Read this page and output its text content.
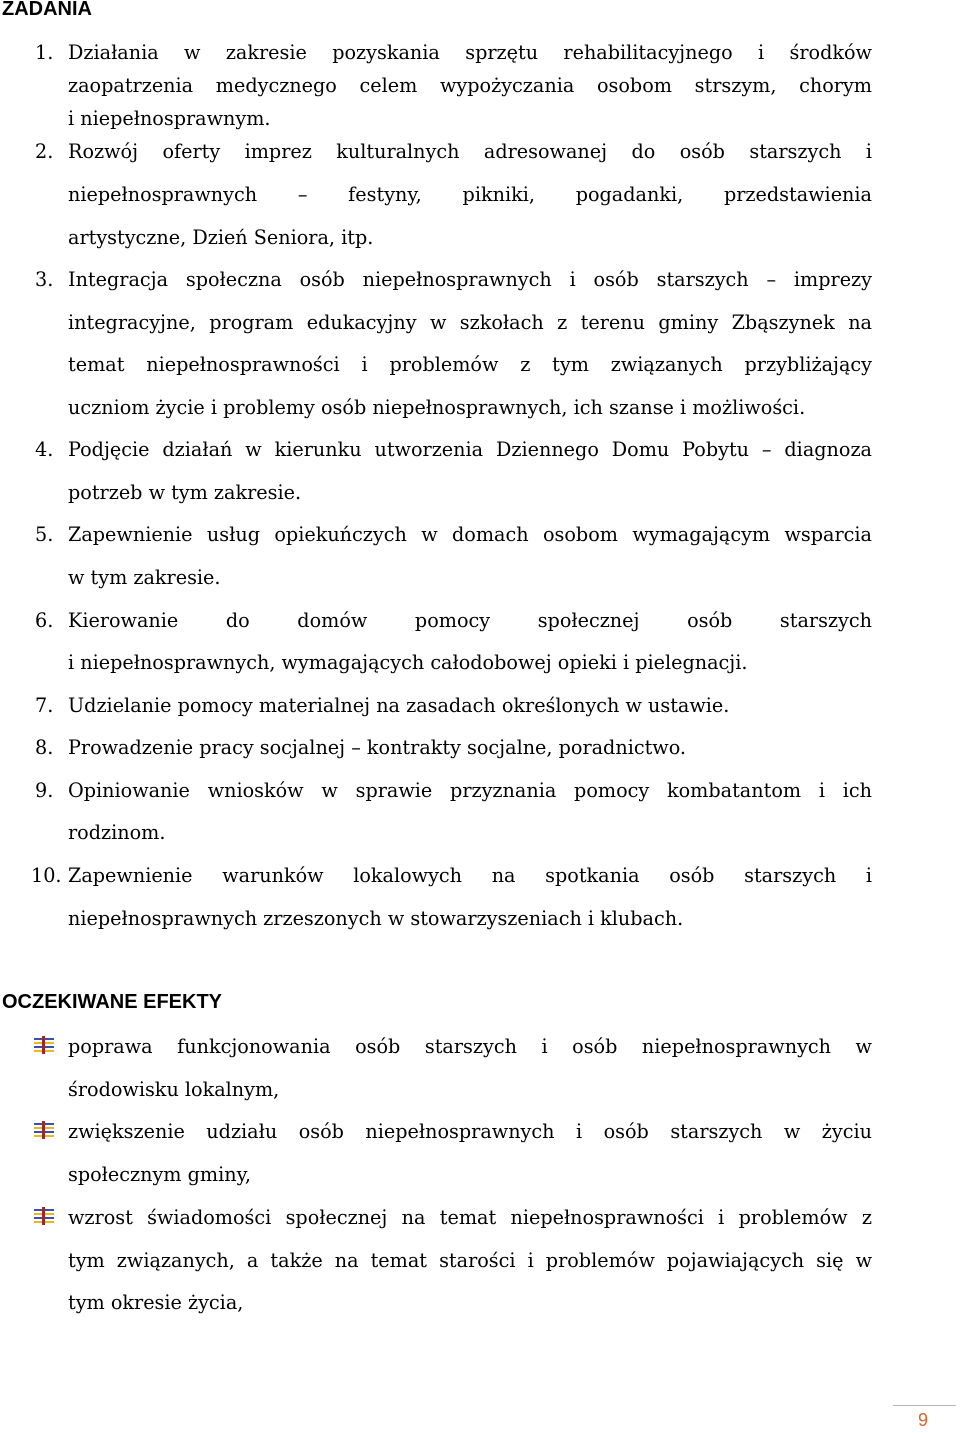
ZADANIA
1. Działania w zakresie pozyskania sprzętu rehabilitacyjnego i środków
zaopatrzenia medycznego celem wypożyczania osobom strszym, chorym
i niepełnosprawnym.
2. Rozwój oferty imprez kulturalnych adresowanej do osób starszych i
niepełnosprawnych – festyny, pikniki, pogadanki, przedstawienia
artystyczne, Dzień Seniora, itp.
3. Integracja społeczna osób niepełnosprawnych i osób starszych – imprezy
integracyjne, program edukacyjny w szkołach z terenu gminy Zbąszynek na
temat niepełnosprawności i problemów z tym związanych przybliżający
uczniom życie i problemy osób niepełnosprawnych, ich szanse i możliwości.
4. Podjęcie działań w kierunku utworzenia Dziennego Domu Pobytu – diagnoza
potrzeb w tym zakresie.
5. Zapewnienie usług opiekuńczych w domach osobom wymagającym wsparcia
w tym zakresie.
6. Kierowanie do domów pomocy społecznej osób starszych
i niepełnosprawnych, wymagających całodobowej opieki i pielegnacji.
7. Udzielanie pomocy materialnej na zasadach określonych w ustawie.
8. Prowadzenie pracy socjalnej – kontrakty socjalne, poradnictwo.
9. Opiniowanie wniosków w sprawie przyznania pomocy kombatantom i ich
rodzinom.
10. Zapewnienie warunków lokalowych na spotkania osób starszych i
niepełnosprawnych zrzeszonych w stowarzyszeniach i klubach.
OCZEKIWANE EFEKTY
poprawa funkcjonowania osób starszych i osób niepełnosprawnych w
środowisku lokalnym,
zwiększenie udziału osób niepełnosprawnych i osób starszych w życiu
społecznym gminy,
wzrost świadomości społecznej na temat niepełnosprawności i problemów z
tym związanych, a także na temat starości i problemów pojawiających się w
tym okresie życia,
9
